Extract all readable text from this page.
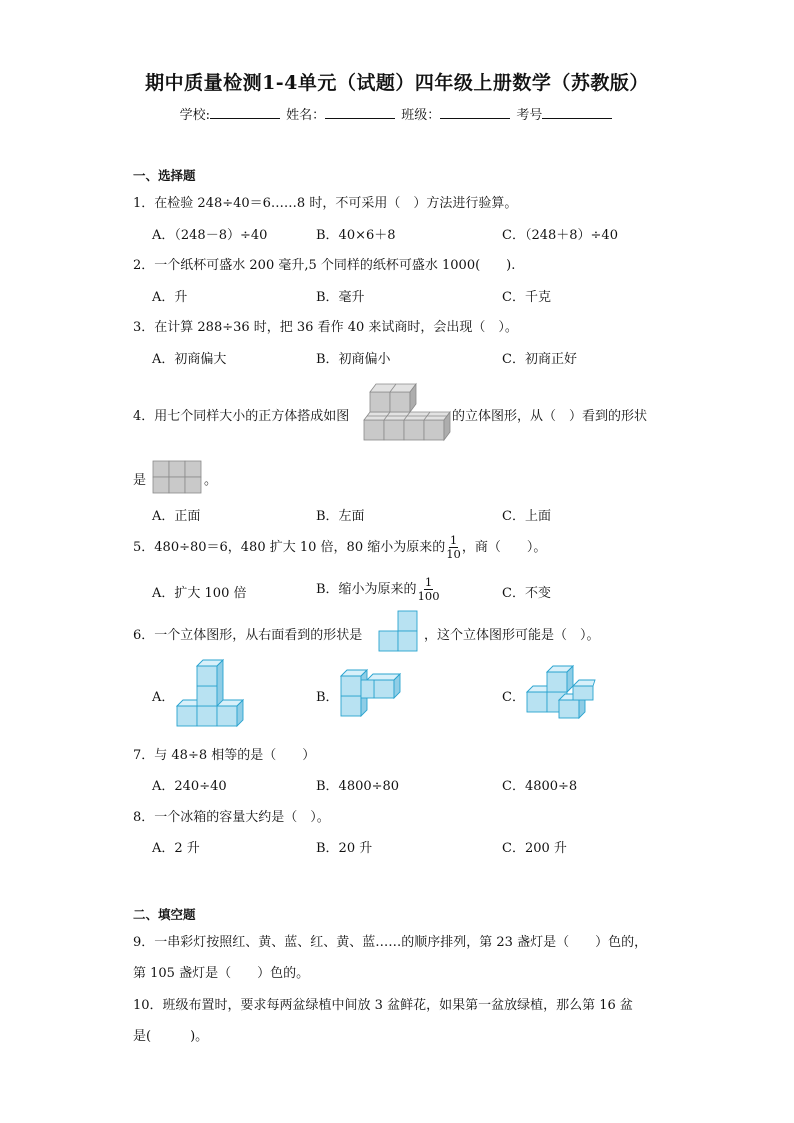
期中质量检测1-4单元（试题）四年级上册数学（苏教版）
学校:	姓名：	班级：	考号
一、选择题
1．在检验 248÷40＝6……8 时，不可采用（　）方法进行验算。
A．（248－8）÷40	B．40×6＋8	C．（248＋8）÷40
2．一个纸杯可盛水 200 毫升,5 个同样的纸杯可盛水 1000(　　).
A．升	B．毫升	C．千克
3．在计算 288÷36 时，把 36 看作 40 来试商时，会出现（　）。
A．初商偏大	B．初商偏小	C．初商正好
4．用七个同样大小的正方体搭成如图	的立体图形，从（　）看到的形状
是	。
A．正面	B．左面	C．上面
5．480÷80＝6，480 扩大 10 倍，80 缩小为原来的 $\frac{1}{10}$ ，商（　　）。
A．扩大 100 倍	B．缩小为原来的 $\frac{1}{100}$	C．不变
6．一个立体图形，从右面看到的形状是	，这个立体图形可能是（　）。
A．	B．	C．
7．与 48÷8 相等的是（　　）
A．240÷40	B．4800÷80	C．4800÷8
8．一个冰箱的容量大约是（　）。
A．2 升	B．20 升	C．200 升
二、填空题
9．一串彩灯按照红、黄、蓝、红、黄、蓝……的顺序排列，第 23 盏灯是（　　）色的，
第 105 盏灯是（　　）色的。
10．班级布置时，要求每两盆绿植中间放 3 盆鲜花，如果第一盆放绿植，那么第 16 盆
是(　　　)。
